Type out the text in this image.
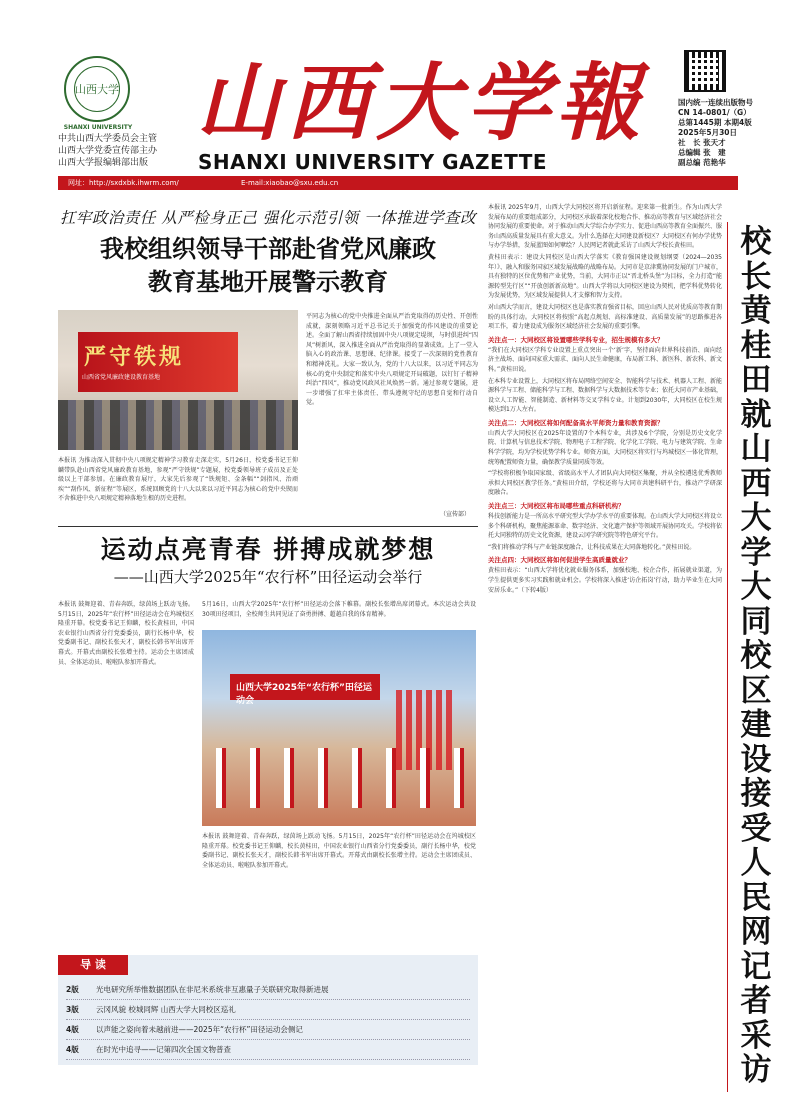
山西大学
SHANXI UNIVERSITY
中共山西大学委员会主管
山西大学党委宣传部主办
山西大学报编辑部出版
山西大学報
SHANXI UNIVERSITY GAZETTE
国内统一连续出版物号
CN 14-0801/（G）
总第1445期 本期4版
2025年5月30日
社　长 张天才
总编辑 张　建
副总编 范艳华
网址：http://sxdxbk.ihwrm.com/	E-mail:xiaobao@sxu.edu.cn
扛牢政治责任 从严检身正己 强化示范引领 一体推进学查改
我校组织领导干部赴省党风廉政
教育基地开展警示教育
严守铁规
山西省党风廉政建设教育基地
本报讯 为推动深入贯彻中央八项规定精神学习教育走深走实，5月26日，校党委书记王仰麟带队赴山西省党风廉政教育基地，参观“严守铁规”专题展，校党委领导班子成员及正处级以上干部参加。在廉政教育展厅，大家先后参观了“铁规矩、金条幅”“剑指风、治顽疾”“刮作风、新征程”等展区，系统回顾党的十八大以来以习近平同志为核心的党中央锲而不舍推进中央八项规定精神落地生根的历史进程。
平同志为核心的党中央推进全面从严治党取得的历史性、开创性成就，深刻领略习近平总书记关于加强党的作风建设的重要论述。全面了解山西省持续加固中央八项规定堤坝，与时俱进纠“四风”树新风，深入推进全面从严治党取得的显著成效。上了一堂入脑入心的政治课、思想课、纪律课。接受了一次深刻的党性教育和精神洗礼。大家一致认为，党的十八大以来，以习近平同志为核心的党中央制定和落实中央八项规定开局破题，以钉钉子精神纠治“四风”，推动党风政风社风焕然一新。通过参观专题展，进一步增强了扛牢主体责任、带头遵规守纪的思想自觉和行动自觉。
（宣传部）
运动点亮青春 拼搏成就梦想
——山西大学2025年“农行杯”田径运动会举行
本报讯 鼓舞迎着、青春奔跃，绿茵场上跃动飞扬。5月15日，2025年“农行杯”田径运动会在坞城校区隆重开幕。校党委书记王仰麟，校长黄桂田，中国农业银行山西省分行党委委员，副行长杨中华，校党委副书记、副校长张天才，副校长韩书军出席开幕式。开幕式由副校长张增主持。运动会主席团成员、全体运动员、啦啦队参加开幕式。
5月16日，山西大学2025年“农行杯”田径运动会落下帷幕。副校长张增出席闭幕式。本次运动会共设30项田径项目，全校师生共同见证了奋勇拼搏、超越自我的体育精神。
山西大学2025年“农行杯”田径运动会
本报讯 鼓舞迎着、青春奔跃，绿茵场上跃动飞扬。5月15日，2025年“农行杯”田径运动会在坞城校区隆重开幕。校党委书记王仰麟，校长黄桂田，中国农业银行山西省分行党委委员，副行长杨中华，校党委副书记、副校长张天才，副校长韩书军出席开幕式。开幕式由副校长张增主持。运动会主席团成员、全体运动员、啦啦队参加开幕式。
导 读
2版 光电研究所举惟数据团队在非尼米系统非互惠量子关联研究取得新进展
3版 云冈风貌 校城同辉 山西大学大同校区巡礼
4版 以声能之姿向着未越前进——2025年“农行杯”田径运动会侧记
4版 在时光中追寻——记第四次全国文物普查
校长黄桂田就山西大学大同校区建设接受人民网记者采访
本报讯 2025年9月，山西大学大同校区将开启新征程。迎来第一批新生。作为山西大学发展布局的重要组成部分，大同校区承载着深化校地合作、推动高等教育与区域经济社会协同发展的重要使命。对于推动山西大学综合办学实力、促进山西高等教育全面振兴、服务山西高质量发展具有重大意义。为什么选择在大同建设新校区？大同校区有何办学优势与办学举措，发展蓝图如何擘绘？人民网记者就此采访了山西大学校长黄桂田。
黄桂田表示：建设大同校区是山西大学落实《教育强国建设规划纲要（2024—2035年）》、融入和服务国家区域发展战略的战略布局。大同市是京津冀协同发展的门户城市，具有独特的区位优势和产业优势，当前，大同市正以“晋北桥头堡”为目标，全力打造“能源转型先行区”“开放创新新高地”。山西大学将以大同校区建设为契机，把学科优势转化为发展优势，为区域发展提供人才支撑和智力支持。
对山西大学而言，建设大同校区也是落实教育强省目标，回应山西人民对优质高等教育期盼的具体行动。大同校区将按照“高起点规划、高标准建设、高质量发展”的思路推进各项工作，着力建设成为服务区域经济社会发展的重要引擎。
关注点一：大同校区将设置哪些学科专业，招生规模有多大？
“我们在大同校区学科专业设置上重点突出一个‘新’字，坚持面向世界科技前沿、面向经济主战场、面向国家重大需求、面向人民生命健康，布局新工科、新医科、新农科、新文科。”黄桂田说。
在本科专业设置上，大同校区将布局网络空间安全、智能科学与技术、机器人工程、新能源科学与工程、储能科学与工程、数据科学与大数据技术等专业；依托大同市产业基础，设立人工智能、智能制造、新材料等交叉学科专业。计划到2030年，大同校区在校生规模达到1万人左右。
关注点二：大同校区将如何配备高水平师资力量和教育资源？
山西大学大同校区在2025年设置的7个本科专业，共涉及6个学院，分别是历史文化学院、计算机与信息技术学院、物理电子工程学院、化学化工学院、电力与建筑学院、生命科学学院，均为学校优势学科专业。师资方面，大同校区将实行与坞城校区一体化管理，统筹配置师资力量，确保教学质量同质等效。
“学校将积极争取国家级、省级高水平人才团队向大同校区集聚，并从全校遴选优秀教师承担大同校区教学任务。”黄桂田介绍，学校还将与大同市共建科研平台，推动产学研深度融合。
关注点三：大同校区将布局哪些重点科研机构？
科技创新能力是一所高水平研究型大学办学水平的重要体现。在山西大学大同校区将设立多个科研机构，聚焦能源革命、数字经济、文化遗产保护等领域开展协同攻关。学校将依托大同独特的历史文化资源，建设云冈学研究院等特色研究平台。
“我们将推动学科与产业链深度融合，让科技成果在大同落地转化。”黄桂田说。
关注点四：大同校区将如何促进学生高质量就业？
黄桂田表示：“山西大学将优化就业服务体系，加强校地、校企合作，拓展就业渠道，为学生提供更多实习实践和就业机会。学校将深入推进‘访企拓岗’行动，助力毕业生在大同安居乐业。”（下转4版）
